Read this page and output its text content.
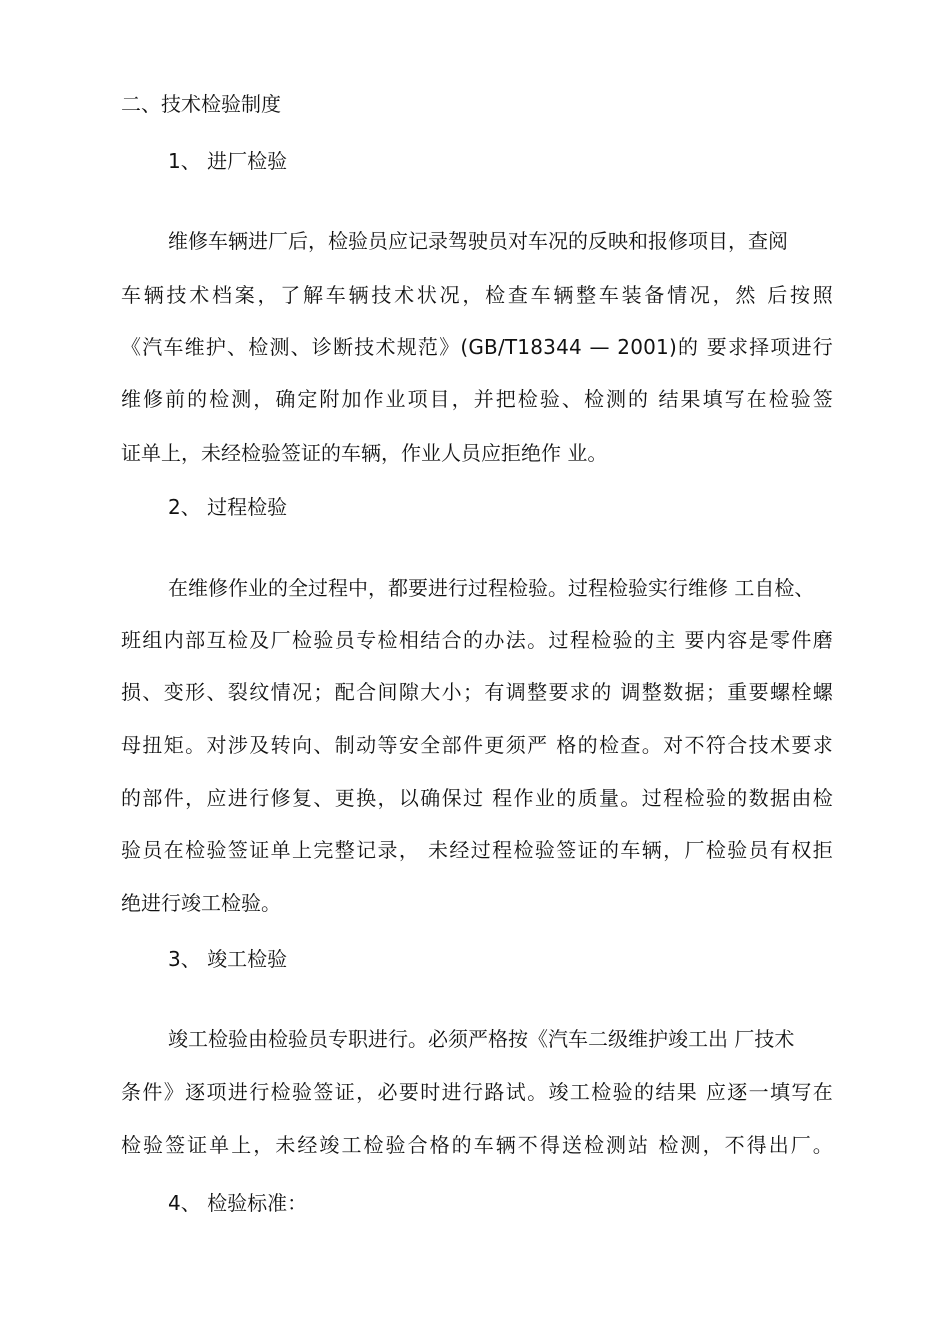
二、技术检验制度
1、 进厂检验
维修车辆进厂后，检验员应记录驾驶员对车况的反映和报修项目，查阅
车辆技术档案，了解车辆技术状况，检查车辆整车装备情况，然 后按照
《汽车维护、检测、诊断技术规范》(GB/T18344 — 2001)的 要求择项进行
维修前的检测，确定附加作业项目，并把检验、检测的 结果填写在检验签
证单上，未经检验签证的车辆，作业人员应拒绝作 业。
2、 过程检验
在维修作业的全过程中，都要进行过程检验。过程检验实行维修 工自检、
班组内部互检及厂检验员专检相结合的办法。过程检验的主 要内容是零件磨
损、变形、裂纹情况；配合间隙大小；有调整要求的 调整数据；重要螺栓螺
母扭矩。对涉及转向、制动等安全部件更须严 格的检查。对不符合技术要求
的部件，应进行修复、更换，以确保过 程作业的质量。过程检验的数据由检
验员在检验签证单上完整记录， 未经过程检验签证的车辆，厂检验员有权拒
绝进行竣工检验。
3、 竣工检验
竣工检验由检验员专职进行。必须严格按《汽车二级维护竣工出 厂技术
条件》逐项进行检验签证，必要时进行路试。竣工检验的结果 应逐一填写在
检验签证单上，未经竣工检验合格的车辆不得送检测站 检测，不得出厂。
4、 检验标准：
